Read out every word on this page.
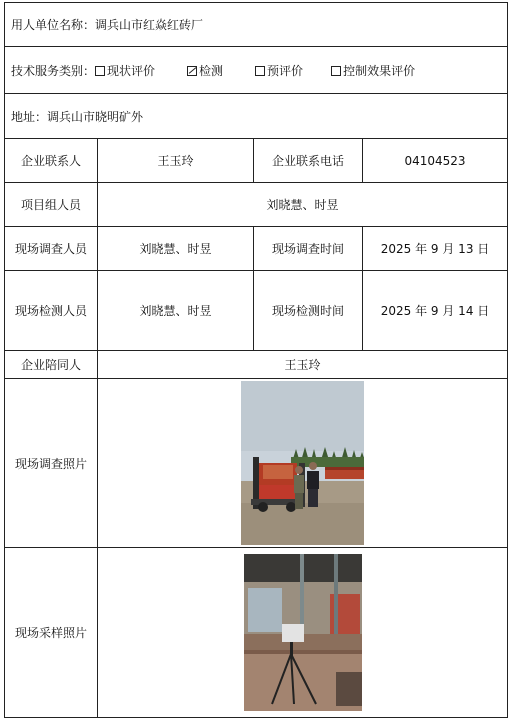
用人单位名称：调兵山市红焱红砖厂			
技术服务类别： 现状评价 检测 预评价 控制效果评价			
地址：调兵山市晓明矿外			
企业联系人	王玉玲	企业联系电话	04104523
项目组人员	刘晓慧、时昱		
现场调查人员	刘晓慧、时昱	现场调查时间	2025 年 9 月 13 日
现场检测人员	刘晓慧、时昱	现场检测时间	2025 年 9 月 14 日
企业陪同人	王玉玲		
现场调查照片	

现场采样照片	
